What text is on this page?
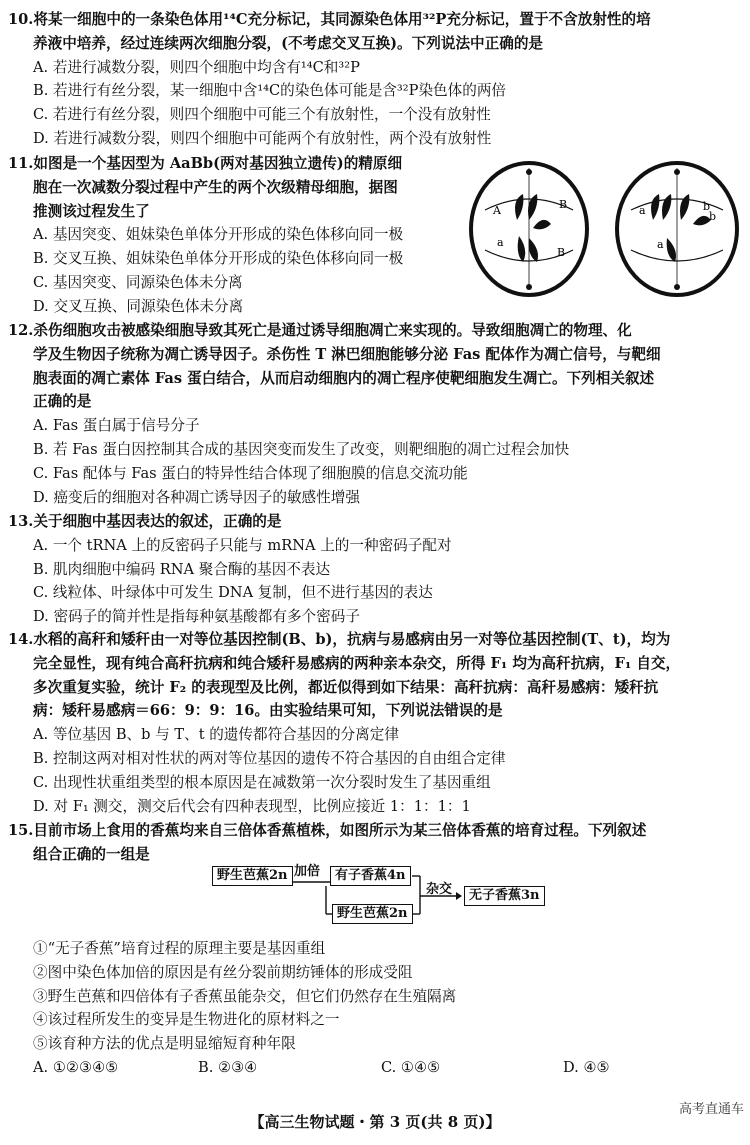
10.将某一细胞中的一条染色体用¹⁴C充分标记，其同源染色体用³²P充分标记，置于不含放射性的培
养液中培养，经过连续两次细胞分裂，(不考虑交叉互换)。下列说法中正确的是
A. 若进行减数分裂，则四个细胞中均含有¹⁴C和³²P
B. 若进行有丝分裂，某一细胞中含¹⁴C的染色体可能是含³²P染色体的两倍
C. 若进行有丝分裂，则四个细胞中可能三个有放射性，一个没有放射性
D. 若进行减数分裂，则四个细胞中可能两个有放射性，两个没有放射性
11.如图是一个基因型为 AaBb(两对基因独立遗传)的精原细
胞在一次减数分裂过程中产生的两个次级精母细胞，据图
推测该过程发生了
A. 基因突变、姐妹染色单体分开形成的染色体移向同一极
B. 交叉互换、姐妹染色单体分开形成的染色体移向同一极
C. 基因突变、同源染色体未分离
D. 交叉互换、同源染色体未分离
A	B
a
B
a	b
b
a
12.杀伤细胞攻击被感染细胞导致其死亡是通过诱导细胞凋亡来实现的。导致细胞凋亡的物理、化
学及生物因子统称为凋亡诱导因子。杀伤性 T 淋巴细胞能够分泌 Fas 配体作为凋亡信号，与靶细
胞表面的凋亡素体 Fas 蛋白结合，从而启动细胞内的凋亡程序使靶细胞发生凋亡。下列相关叙述
正确的是
A. Fas 蛋白属于信号分子
B. 若 Fas 蛋白因控制其合成的基因突变而发生了改变，则靶细胞的凋亡过程会加快
C. Fas 配体与 Fas 蛋白的特异性结合体现了细胞膜的信息交流功能
D. 癌变后的细胞对各种凋亡诱导因子的敏感性增强
13.关于细胞中基因表达的叙述，正确的是
A. 一个 tRNA 上的反密码子只能与 mRNA 上的一种密码子配对
B. 肌肉细胞中编码 RNA 聚合酶的基因不表达
C. 线粒体、叶绿体中可发生 DNA 复制，但不进行基因的表达
D. 密码子的简并性是指每种氨基酸都有多个密码子
14.水稻的高秆和矮秆由一对等位基因控制(B、b)，抗病与易感病由另一对等位基因控制(T、t)，均为
完全显性，现有纯合高秆抗病和纯合矮秆易感病的两种亲本杂交，所得 F₁ 均为高秆抗病，F₁ 自交，
多次重复实验，统计 F₂ 的表现型及比例，都近似得到如下结果：高秆抗病：高秆易感病：矮秆抗
病：矮秆易感病＝66：9：9：16。由实验结果可知，下列说法错误的是
A. 等位基因 B、b 与 T、t 的遗传都符合基因的分离定律
B. 控制这两对相对性状的两对等位基因的遗传不符合基因的自由组合定律
C. 出现性状重组类型的根本原因是在减数第一次分裂时发生了基因重组
D. 对 F₁ 测交，测交后代会有四种表现型，比例应接近 1：1：1：1
15.目前市场上食用的香蕉均来自三倍体香蕉植株，如图所示为某三倍体香蕉的培育过程。下列叙述
组合正确的一组是
野生芭蕉2n 加倍	有子香蕉4n
杂交
野生芭蕉2n
无子香蕉3n
①“无子香蕉”培育过程的原理主要是基因重组
②图中染色体加倍的原因是有丝分裂前期纺锤体的形成受阻
③野生芭蕉和四倍体有子香蕉虽能杂交，但它们仍然存在生殖隔离
④该过程所发生的变异是生物进化的原材料之一
⑤该育种方法的优点是明显缩短育种年限
A. ①②③④⑤	B. ②③④	C. ①④⑤	D. ④⑤
【高三生物试题・第 3 页(共 8 页)】
高考直通车
